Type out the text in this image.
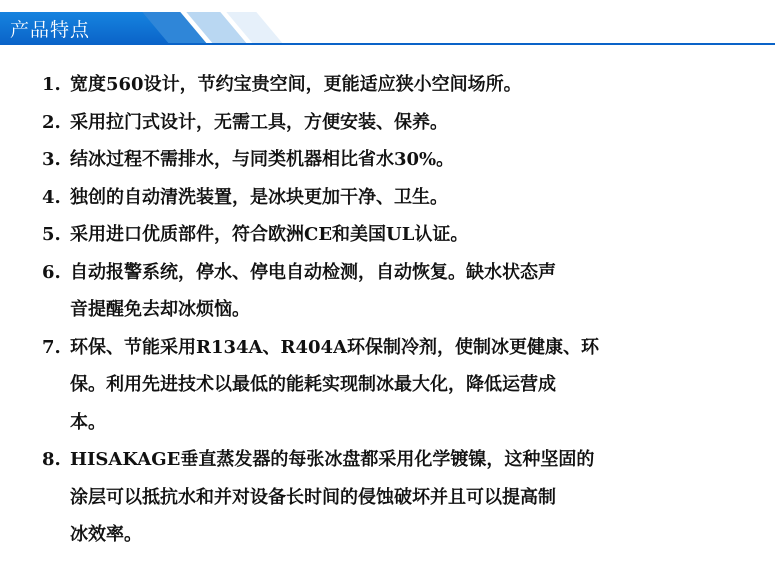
产品特点
1. 宽度560设计，节约宝贵空间，更能适应狭小空间场所。
2. 采用拉门式设计，无需工具，方便安装、保养。
3. 结冰过程不需排水，与同类机器相比省水30%。
4. 独创的自动清洗装置，是冰块更加干净、卫生。
5. 采用进口优质部件，符合欧洲CE和美国UL认证。
6. 自动报警系统，停水、停电自动检测，自动恢复。缺水状态声
音提醒免去却冰烦恼。
7. 环保、节能采用R134A、R404A环保制冷剂，使制冰更健康、环
保。利用先进技术以最低的能耗实现制冰最大化，降低运营成
本。
8. HISAKAGE垂直蒸发器的每张冰盘都采用化学镀镍，这种坚固的
涂层可以抵抗水和并对设备长时间的侵蚀破坏并且可以提高制
冰效率。
